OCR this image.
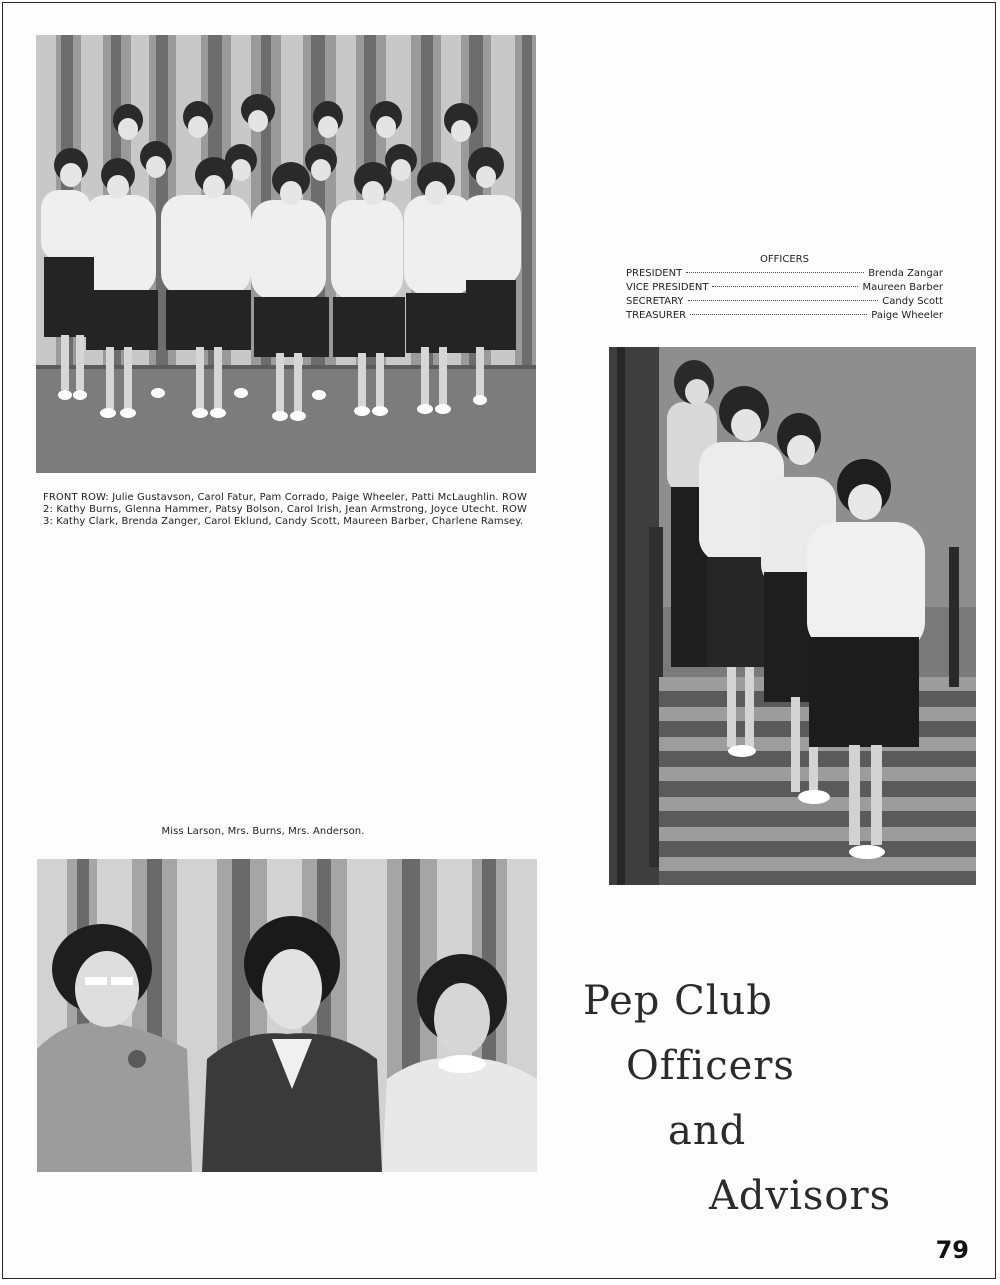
FRONT ROW: Julie Gustavson, Carol Fatur, Pam Corrado, Paige Wheeler, Patti McLaughlin. ROW 2: Kathy Burns, Glenna Hammer, Patsy Bolson, Carol Irish, Jean Armstrong, Joyce Utecht. ROW 3: Kathy Clark, Brenda Zanger, Carol Eklund, Candy Scott, Maureen Barber, Charlene Ramsey.
OFFICERS
PRESIDENT	Brenda Zangar
VICE PRESIDENT	Maureen Barber
SECRETARY	Candy Scott
TREASURER	Paige Wheeler
Miss Larson, Mrs. Burns, Mrs. Anderson.
Pep Club
Officers
and
Advisors
79
